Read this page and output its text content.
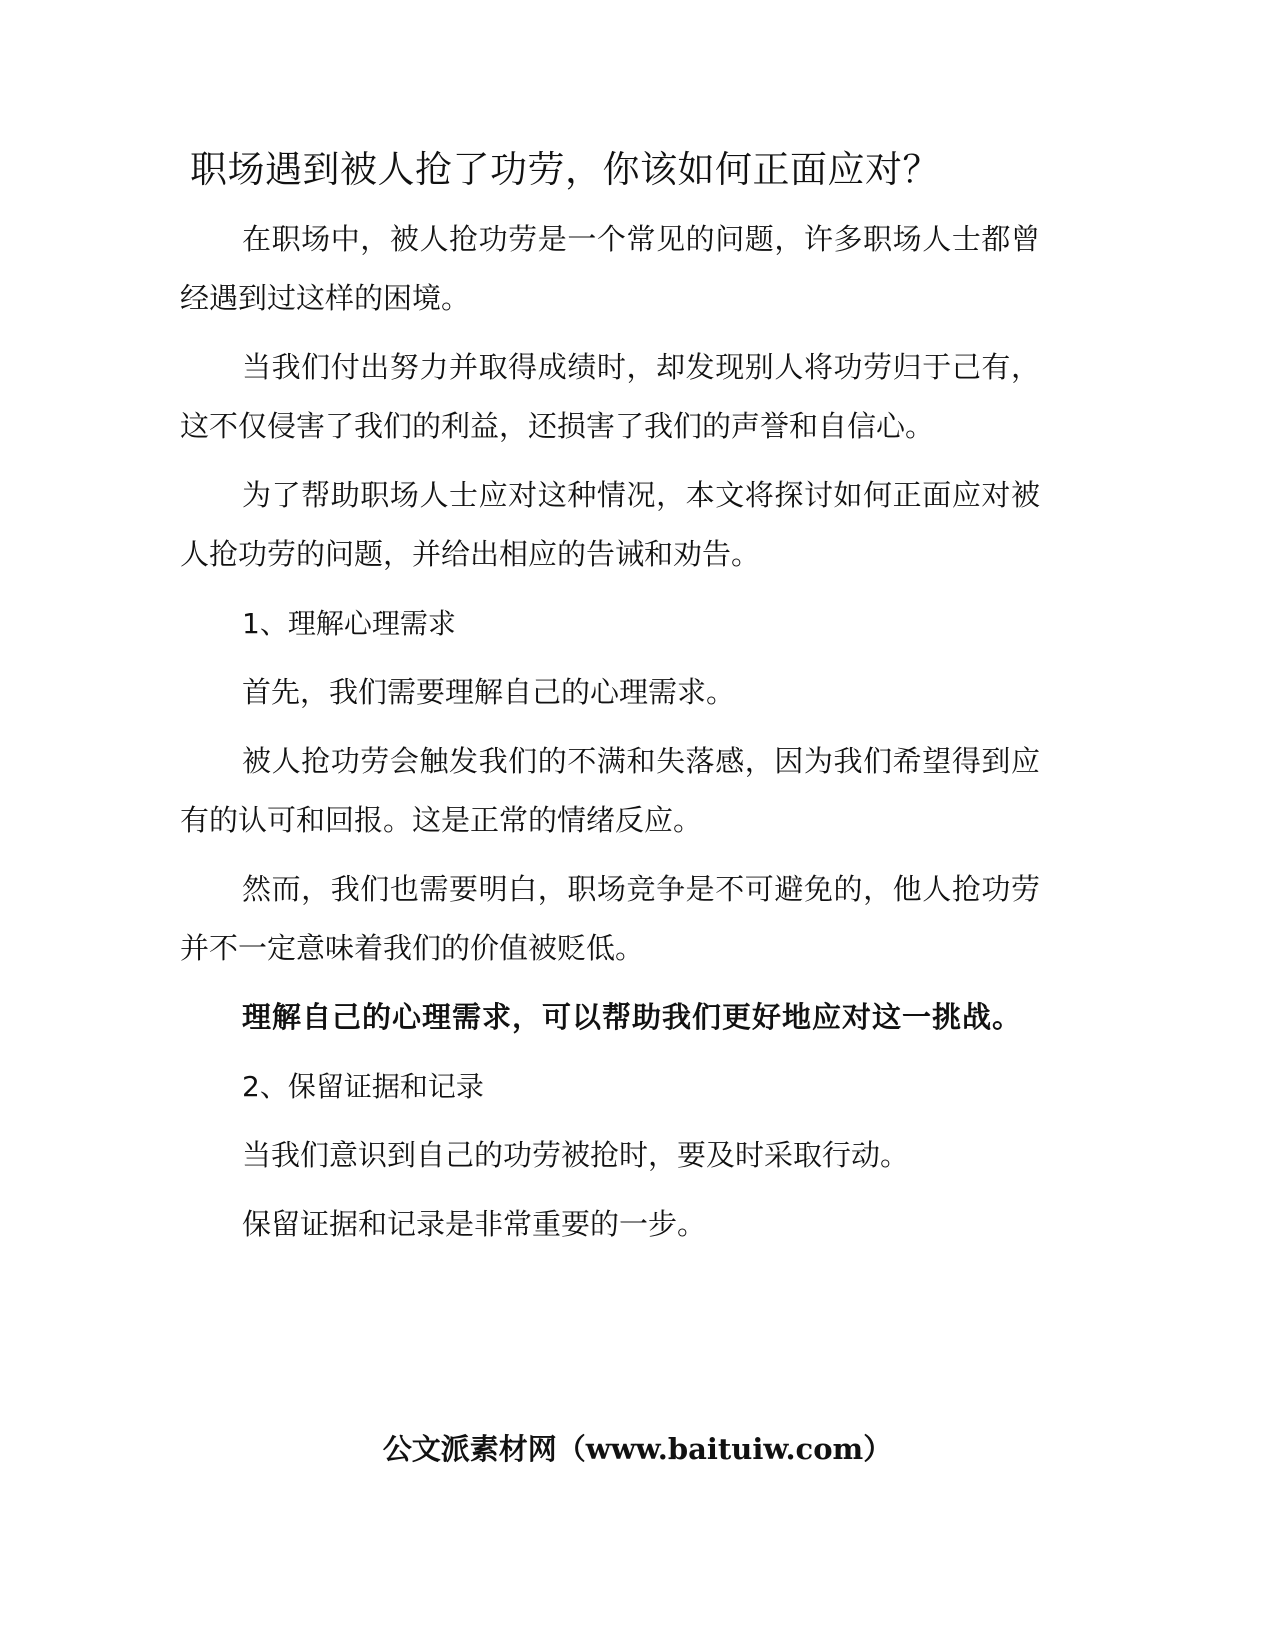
职场遇到被人抢了功劳，你该如何正面应对？

在职场中，被人抢功劳是一个常见的问题，许多职场人士都曾经遇到过这样的困境。

当我们付出努力并取得成绩时，却发现别人将功劳归于己有，这不仅侵害了我们的利益，还损害了我们的声誉和自信心。

为了帮助职场人士应对这种情况，本文将探讨如何正面应对被人抢功劳的问题，并给出相应的告诫和劝告。

1、理解心理需求

首先，我们需要理解自己的心理需求。

被人抢功劳会触发我们的不满和失落感，因为我们希望得到应有的认可和回报。这是正常的情绪反应。

然而，我们也需要明白，职场竞争是不可避免的，他人抢功劳并不一定意味着我们的价值被贬低。

理解自己的心理需求，可以帮助我们更好地应对这一挑战。

2、保留证据和记录

当我们意识到自己的功劳被抢时，要及时采取行动。

保留证据和记录是非常重要的一步。

公文派素材网（www.baituiw.com）
